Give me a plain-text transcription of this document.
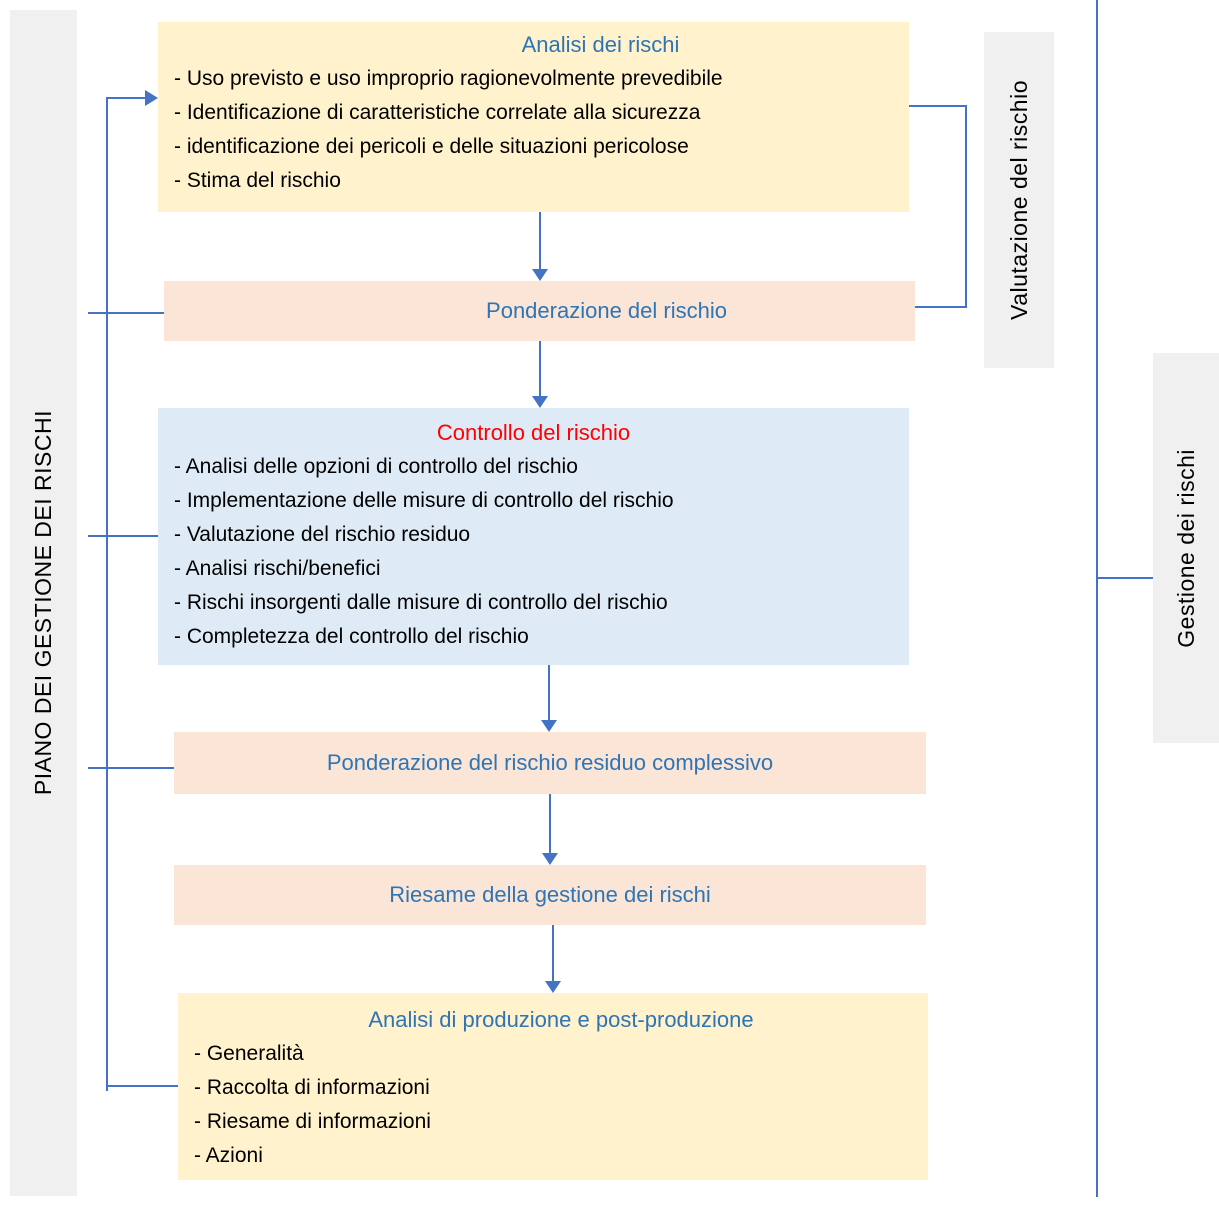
PIANO DEI GESTIONE DEI RISCHI
Analisi dei rischi
- Uso previsto e uso improprio ragionevolmente prevedibile
- Identificazione di caratteristiche correlate alla sicurezza
- identificazione dei pericoli e delle situazioni pericolose
- Stima del rischio
Ponderazione del rischio
Controllo del rischio
- Analisi delle opzioni di controllo del rischio
- Implementazione delle misure di controllo del rischio
- Valutazione del rischio residuo
- Analisi rischi/benefici
- Rischi insorgenti dalle misure di controllo del rischio
- Completezza del controllo del rischio
Ponderazione del rischio residuo complessivo
Riesame della gestione dei rischi
Analisi di produzione e post-produzione
- Generalità
- Raccolta di informazioni
- Riesame di informazioni
- Azioni
Valutazione del rischio
Gestione dei rischi
